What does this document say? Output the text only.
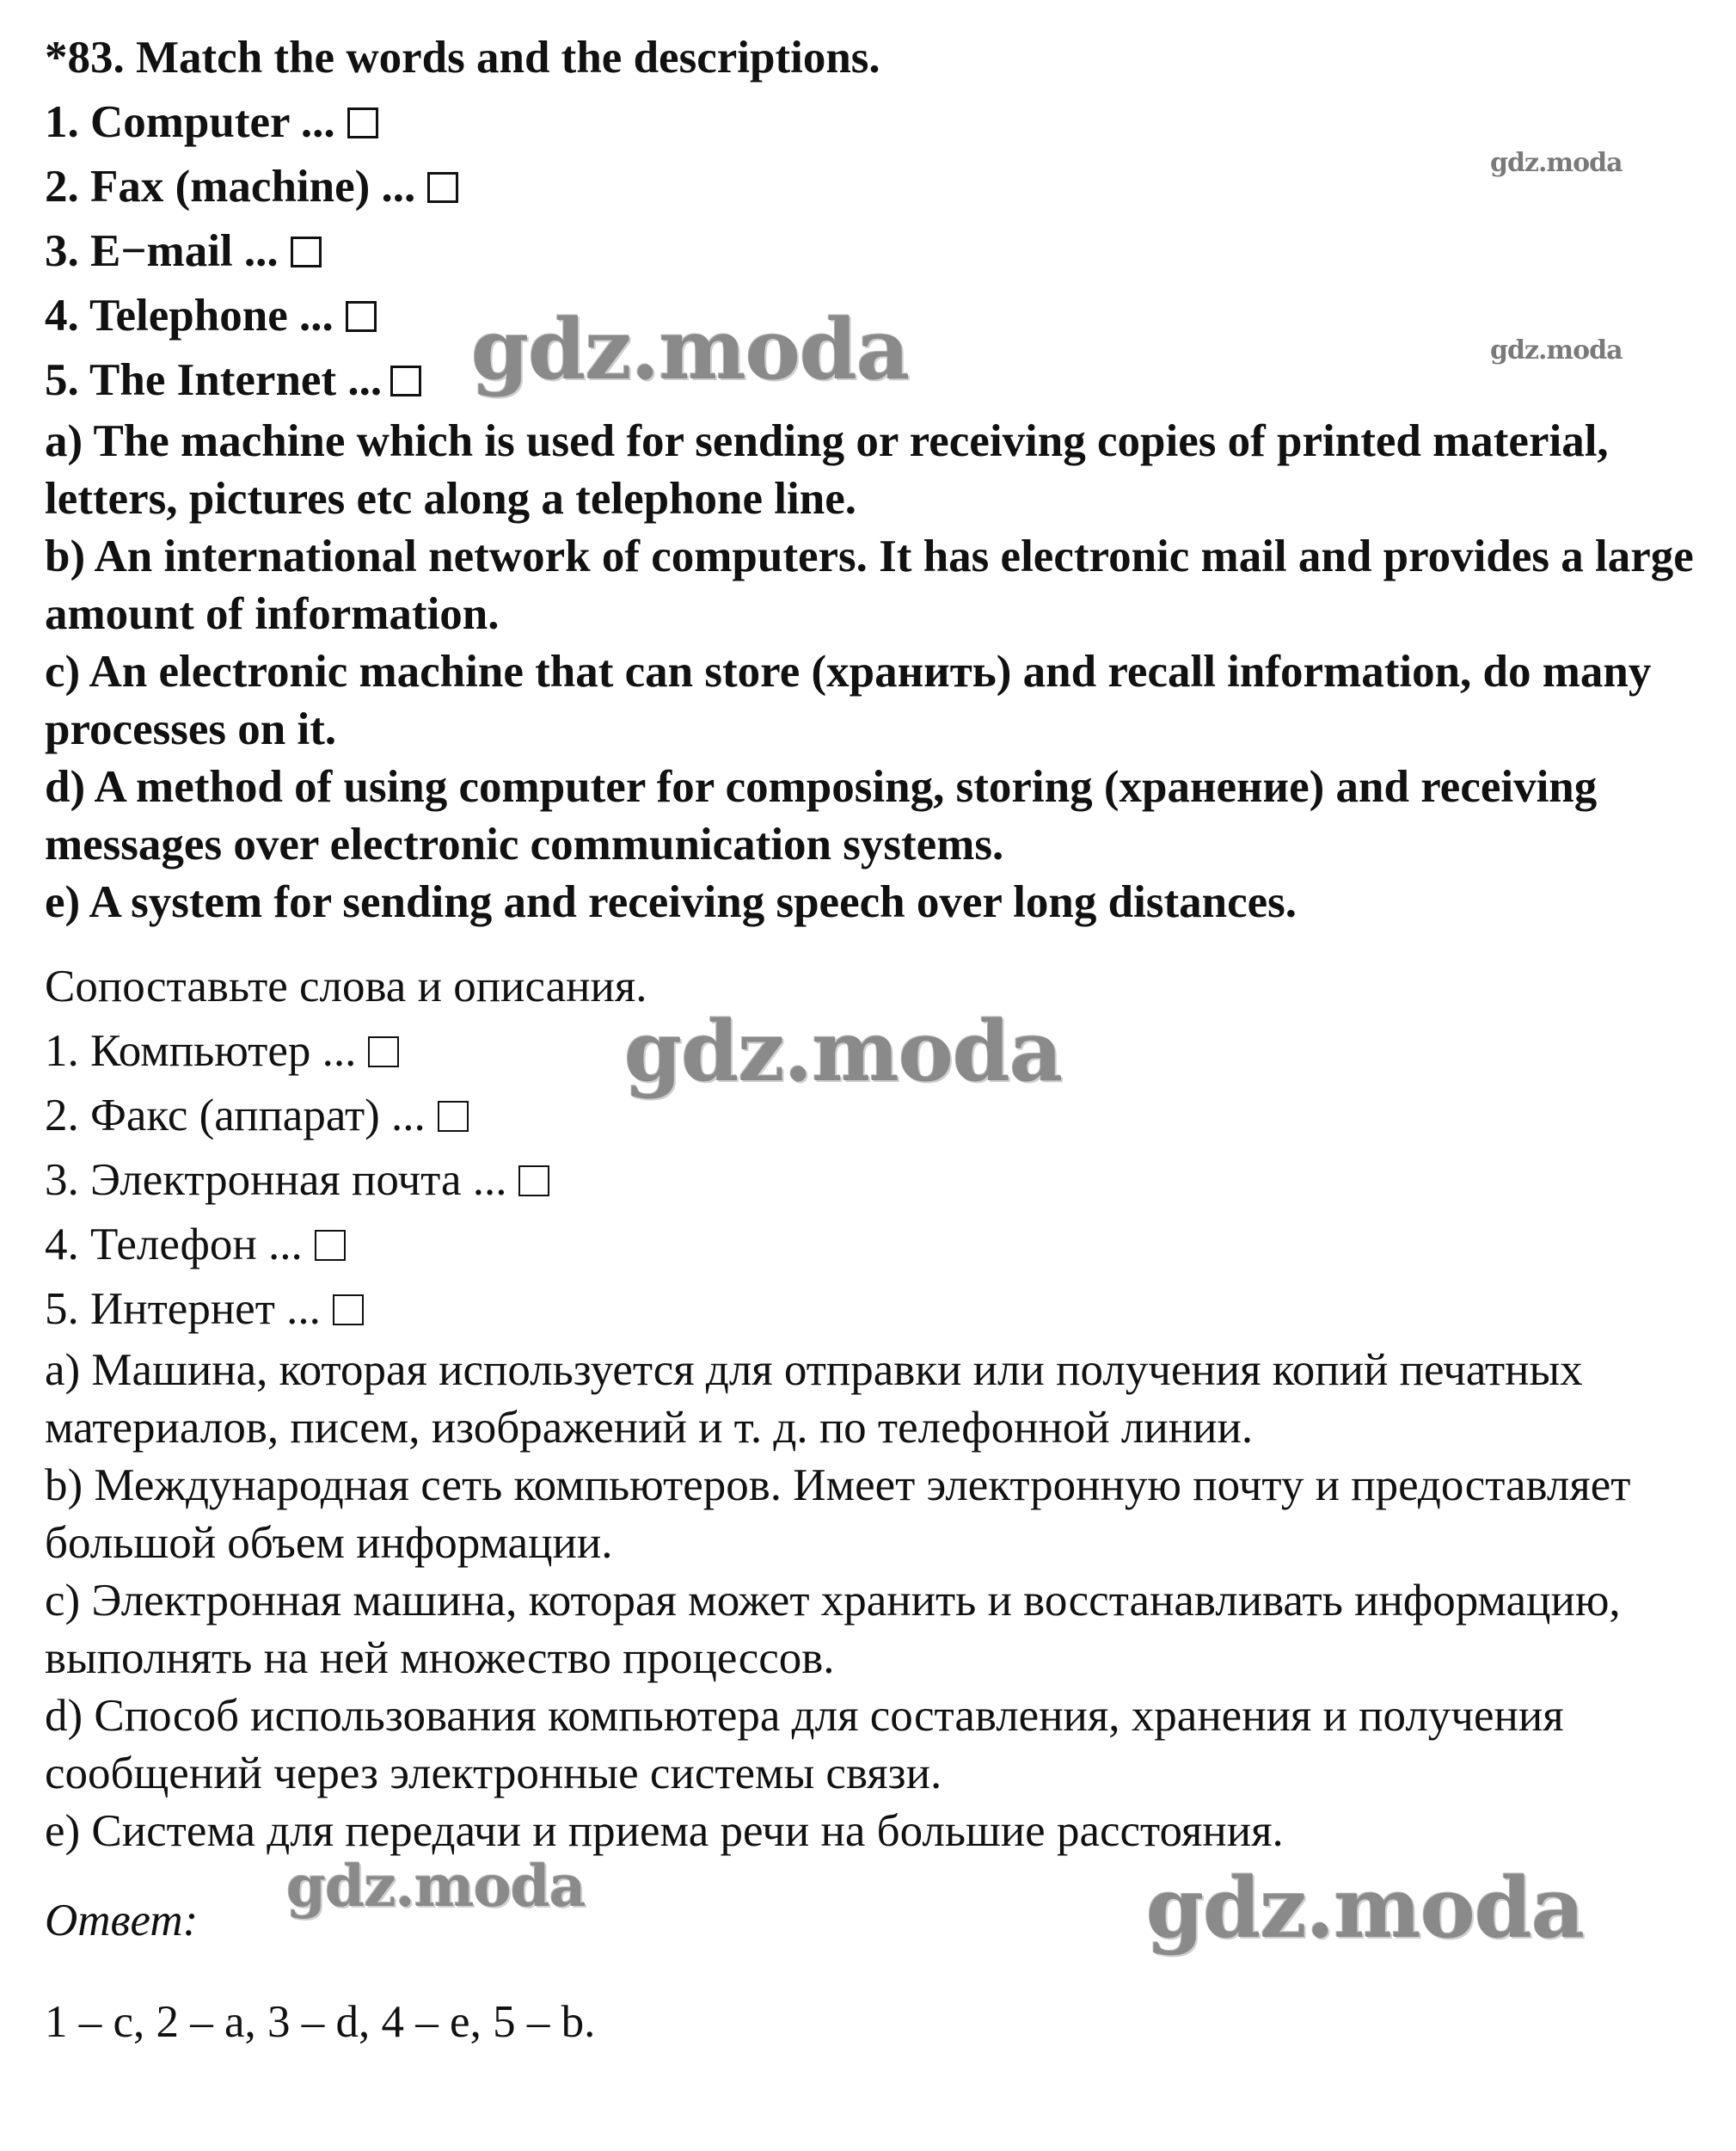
*83. Match the words and the descriptions.
1. Computer ...
2. Fax (machine) ...
3. E−mail ...
4. Telephone ...
5. The Internet ...
a) The machine which is used for sending or receiving copies of printed material, letters, pictures etc along a telephone line.
b) An international network of computers. It has electronic mail and provides a large amount of information.
c) An electronic machine that can store (хранить) and recall information, do many processes on it.
d) A method of using computer for composing, storing (хранение) and receiving messages over electronic communication systems.
e) A system for sending and receiving speech over long distances.
Сопоставьте слова и описания.
1. Компьютер ...
2. Факс (аппарат) ...
3. Электронная почта ...
4. Телефон ...
5. Интернет ...
a) Машина, которая используется для отправки или получения копий печатных материалов, писем, изображений и т. д. по телефонной линии.
b) Международная сеть компьютеров. Имеет электронную почту и предоставляет большой объем информации.
c) Электронная машина, которая может хранить и восстанавливать информацию, выполнять на ней множество процессов.
d) Способ использования компьютера для составления, хранения и получения сообщений через электронные системы связи.
e) Система для передачи и приема речи на большие расстояния.
Ответ:
1 – c, 2 – a, 3 – d, 4 – e, 5 – b.
gdz.moda
gdz.moda
gdz.moda
gdz.moda
gdz.moda	gdz.moda
